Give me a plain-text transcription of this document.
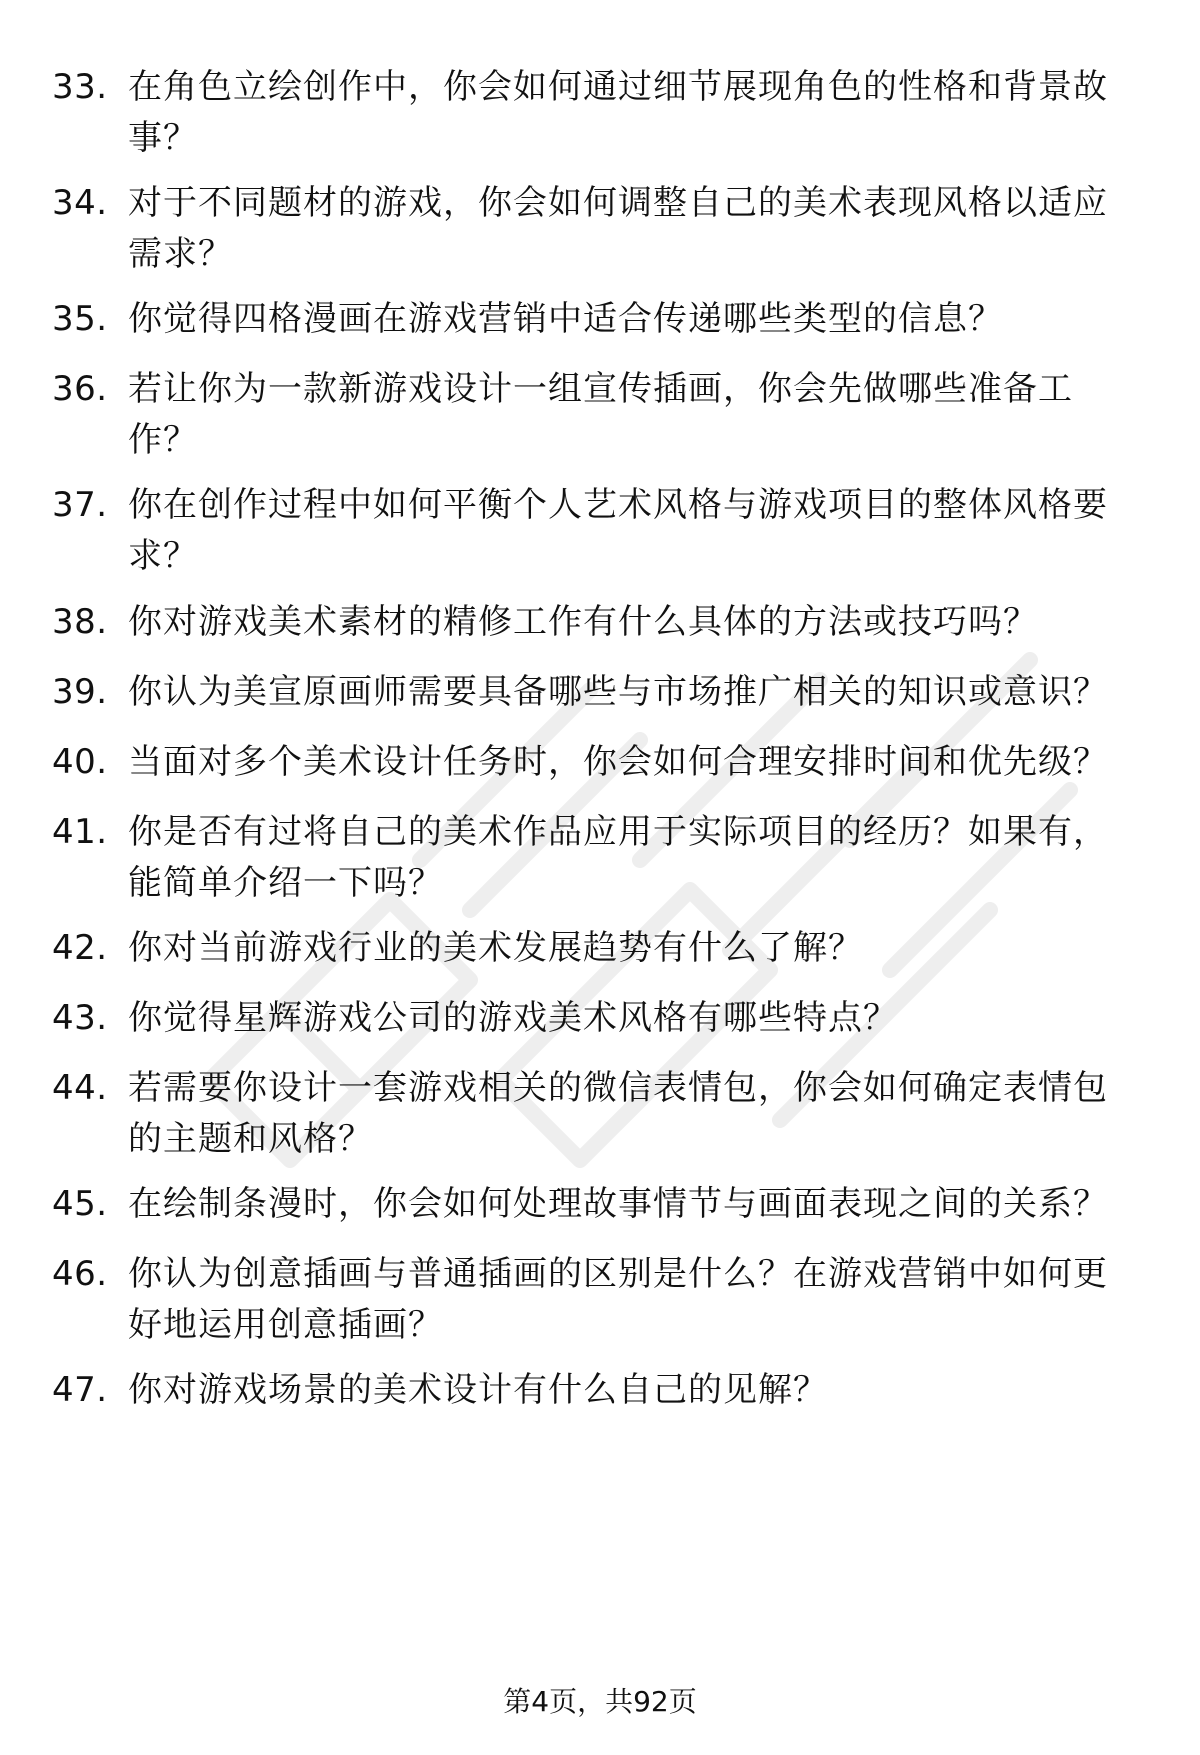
33. 在角色立绘创作中，你会如何通过细节展现角色的性格和背景故事？
34. 对于不同题材的游戏，你会如何调整自己的美术表现风格以适应需求？
35. 你觉得四格漫画在游戏营销中适合传递哪些类型的信息？
36. 若让你为一款新游戏设计一组宣传插画，你会先做哪些准备工作？
37. 你在创作过程中如何平衡个人艺术风格与游戏项目的整体风格要求？
38. 你对游戏美术素材的精修工作有什么具体的方法或技巧吗？
39. 你认为美宣原画师需要具备哪些与市场推广相关的知识或意识？
40. 当面对多个美术设计任务时，你会如何合理安排时间和优先级？
41. 你是否有过将自己的美术作品应用于实际项目的经历？如果有，能简单介绍一下吗？
42. 你对当前游戏行业的美术发展趋势有什么了解？
43. 你觉得星辉游戏公司的游戏美术风格有哪些特点？
44. 若需要你设计一套游戏相关的微信表情包，你会如何确定表情包的主题和风格？
45. 在绘制条漫时，你会如何处理故事情节与画面表现之间的关系？
46. 你认为创意插画与普通插画的区别是什么？在游戏营销中如何更好地运用创意插画？
47. 你对游戏场景的美术设计有什么自己的见解？
第4页，共92页
